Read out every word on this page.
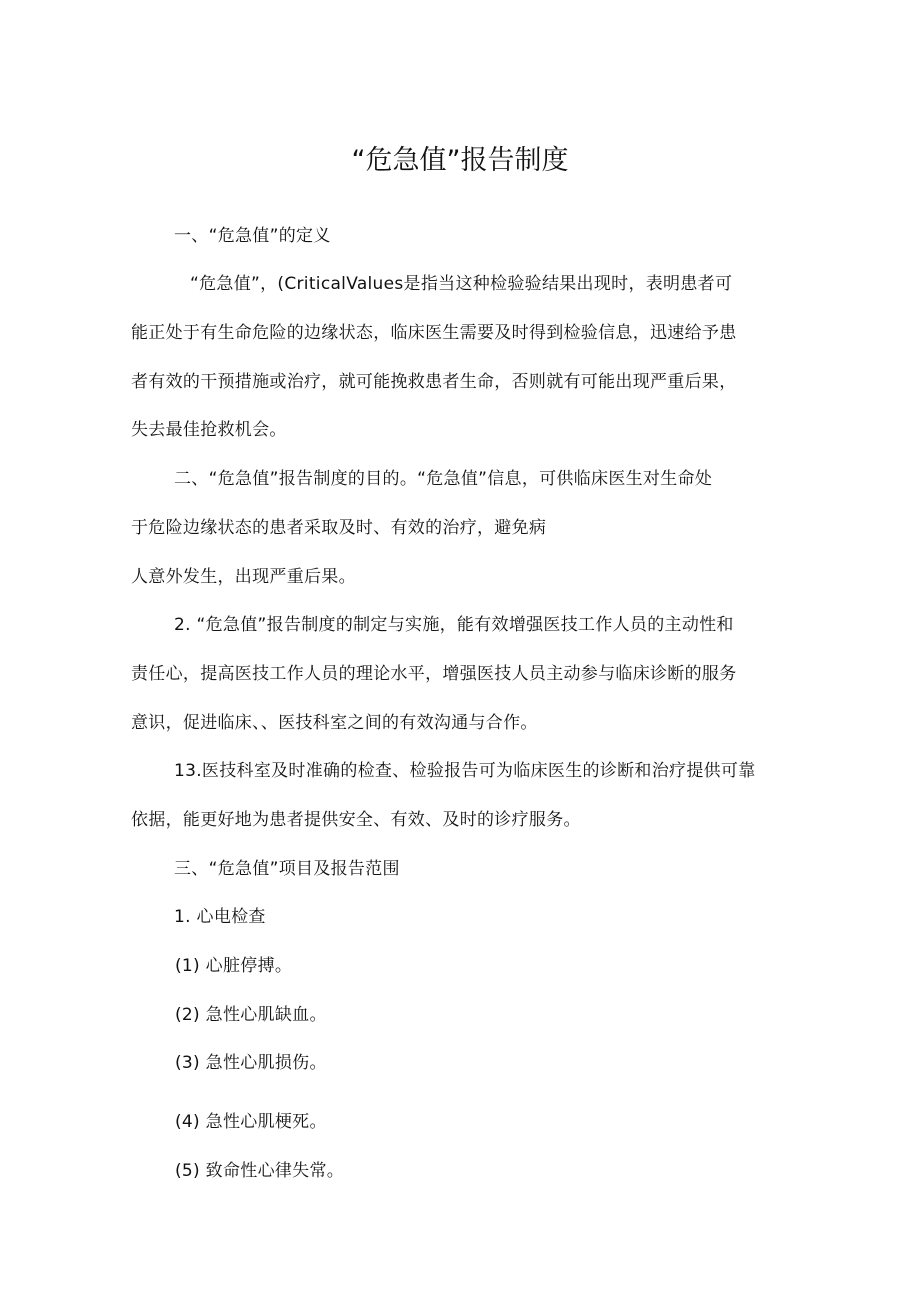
“危急值”报告制度
一、“危急值”的定义
“危急值”，(CriticalValues是指当这种检验验结果出现时，表明患者可
能正处于有生命危险的边缘状态，临床医生需要及时得到检验信息，迅速给予患
者有效的干预措施或治疗，就可能挽救患者生命，否则就有可能出现严重后果，
失去最佳抢救机会。
二、“危急值”报告制度的目的。“危急值”信息，可供临床医生对生命处
于危险边缘状态的患者采取及时、有效的治疗，避免病
人意外发生，出现严重后果。
2. “危急值”报告制度的制定与实施，能有效增强医技工作人员的主动性和
责任心，提高医技工作人员的理论水平，增强医技人员主动参与临床诊断的服务
意识，促进临床、、医技科室之间的有效沟通与合作。
13.医技科室及时准确的检查、检验报告可为临床医生的诊断和治疗提供可靠
依据，能更好地为患者提供安全、有效、及时的诊疗服务。
三、“危急值”项目及报告范围
1. 心电检查
(1) 心脏停搏。
(2) 急性心肌缺血。
(3) 急性心肌损伤。
(4) 急性心肌梗死。
(5) 致命性心律失常。
